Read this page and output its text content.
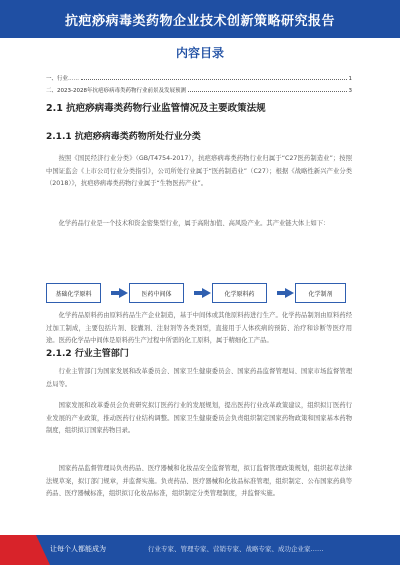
抗疤痧病毒类药物企业技术创新策略研究报告
内容目录
一、行业……	1
二、2023-2028年抗疤痧病毒类药物行业前景及发展预测	3
2.1 抗疤痧病毒类药物行业监管情况及主要政策法规
2.1.1 抗疤痧病毒类药物所处行业分类

按照《国民经济行业分类》（GB/T4754-2017），抗疤痧病毒类药物行业归属于“C27医药制造业”；按照中国证监会《上市公司行业分类指引》，公司所处行业属于“医药制造业”（C27）；根据《战略性新兴产业分类（2018）》，抗疤痧病毒类药物行业属于“生物医药产业”。

化学药品行业是一个技术和资金密集型行业，属于高附加值、高风险产业。其产业链大体上如下：

基础化学原料	医药中间体	化学原料药	化学制剂

化学药品原料药由原料药品生产企业制造，基于中间体或其他原料药进行生产。化学药品制剂由原料药经过加工制成，主要包括片剂、胶囊剂、注射剂等各类剂型，直接用于人体疾病的预防、治疗和诊断等医疗用途。医药化学品中间体是原料药生产过程中所需的化工原料，属于精细化工产品。

2.1.2 行业主管部门

行业主管部门为国家发展和改革委员会、国家卫生健康委员会、国家药品监督管理局、国家市场监督管理总局等。

国家发展和改革委员会负责研究拟订医药行业的发展规划，提出医药行业改革政策建议，组织拟订医药行业发展的产业政策，推动医药行业结构调整。国家卫生健康委员会负责组织制定国家药物政策和国家基本药物制度，组织拟订国家药物目录。

国家药品监督管理局负责药品、医疗器械和化妆品安全监督管理，拟订监督管理政策规划，组织起草法律法规草案，拟订部门规章，并监督实施。负责药品、医疗器械和化妆品标准管理，组织制定、公布国家药典等药品、医疗器械标准，组织拟订化妆品标准，组织制定分类管理制度，并监督实施。

让每个人都能成为	行业专家、管理专家、营销专家、战略专家、成功企业家……
